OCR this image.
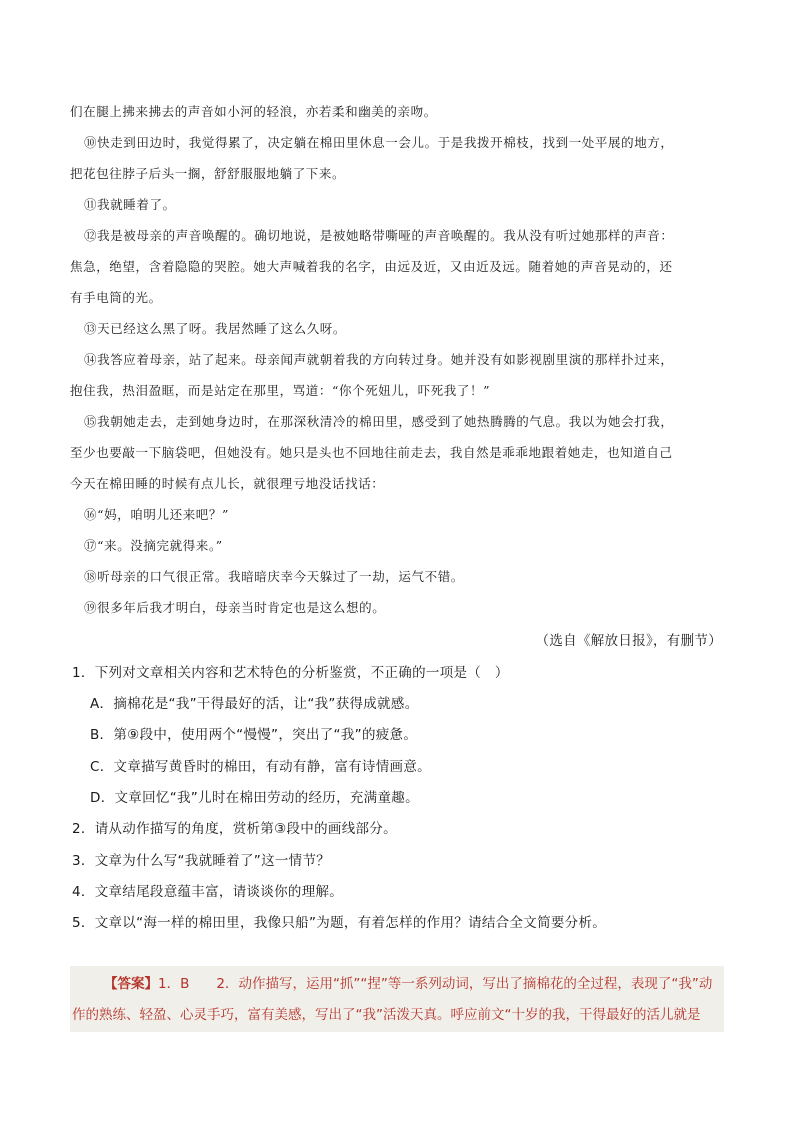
们在腿上拂来拂去的声音如小河的轻浪，亦若柔和幽美的亲吻。
⑩快走到田边时，我觉得累了，决定躺在棉田里休息一会儿。于是我拨开棉枝，找到一处平展的地方，
把花包往脖子后头一搁，舒舒服服地躺了下来。
⑪我就睡着了。
⑫我是被母亲的声音唤醒的。确切地说，是被她略带嘶哑的声音唤醒的。我从没有听过她那样的声音：
焦急，绝望，含着隐隐的哭腔。她大声喊着我的名字，由远及近，又由近及远。随着她的声音晃动的，还
有手电筒的光。
⑬天已经这么黑了呀。我居然睡了这么久呀。
⑭我答应着母亲，站了起来。母亲闻声就朝着我的方向转过身。她并没有如影视剧里演的那样扑过来，
抱住我，热泪盈眶，而是站定在那里，骂道：“你个死妞儿，吓死我了！”
⑮我朝她走去，走到她身边时，在那深秋清冷的棉田里，感受到了她热腾腾的气息。我以为她会打我，
至少也要敲一下脑袋吧，但她没有。她只是头也不回地往前走去，我自然是乖乖地跟着她走，也知道自己
今天在棉田睡的时候有点儿长，就很理亏地没话找话：
⑯“妈，咱明儿还来吧？”
⑰“来。没摘完就得来。”
⑱听母亲的口气很正常。我暗暗庆幸今天躲过了一劫，运气不错。
⑲很多年后我才明白，母亲当时肯定也是这么想的。
（选自《解放日报》，有删节）
1．下列对文章相关内容和艺术特色的分析鉴赏，不正确的一项是（　）
A．摘棉花是“我”干得最好的活，让“我”获得成就感。
B．第⑨段中，使用两个“慢慢”，突出了“我”的疲惫。
C．文章描写黄昏时的棉田，有动有静，富有诗情画意。
D．文章回忆“我”儿时在棉田劳动的经历，充满童趣。
2．请从动作描写的角度，赏析第③段中的画线部分。
3．文章为什么写“我就睡着了”这一情节？
4．文章结尾段意蕴丰富，请谈谈你的理解。
5．文章以“海一样的棉田里，我像只船”为题，有着怎样的作用？请结合全文简要分析。
【答案】1．B　　2．动作描写，运用“抓”“捏”等一系列动词，写出了摘棉花的全过程，表现了“我”动
作的熟练、轻盈、心灵手巧，富有美感，写出了“我”活泼天真。呼应前文“十岁的我，干得最好的活儿就是
